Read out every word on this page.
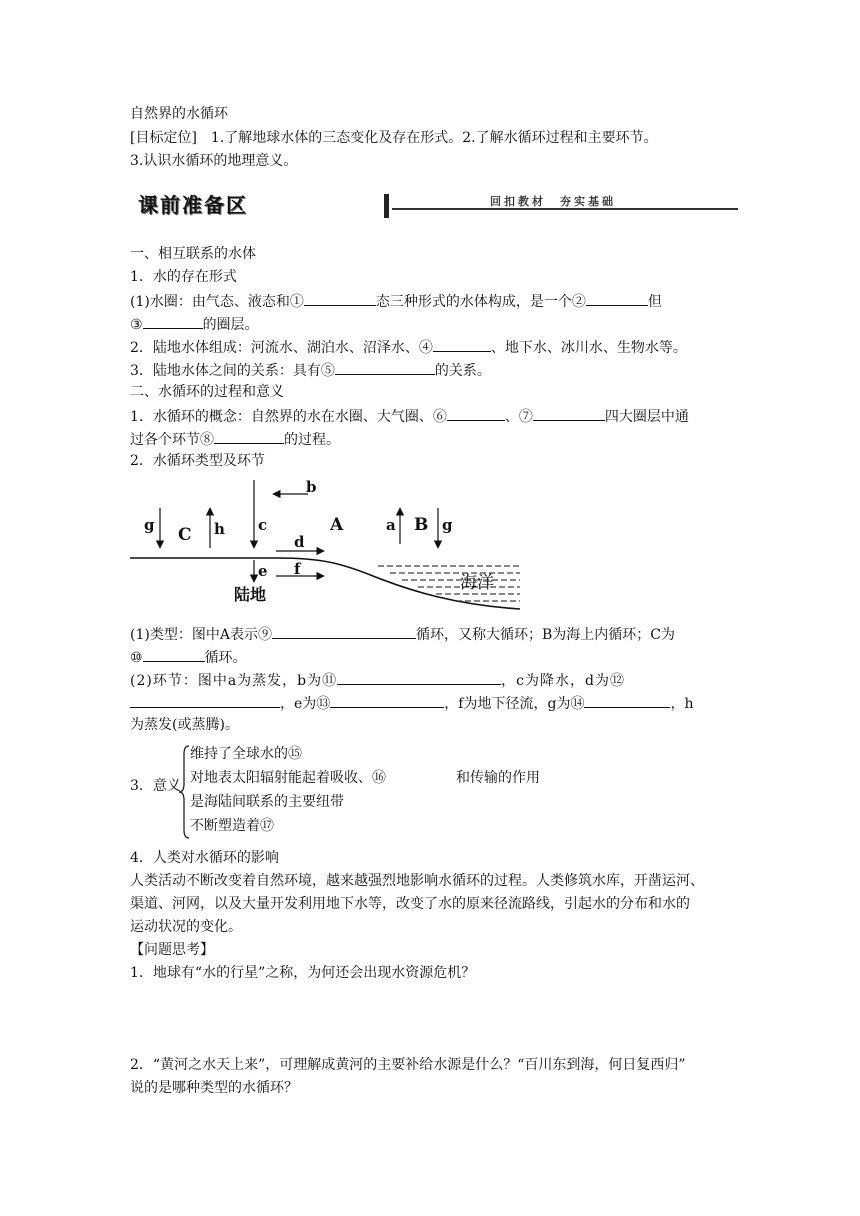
自然界的水循环
[目标定位]　1.了解地球水体的三态变化及存在形式。2.了解水循环过程和主要环节。
3.认识水循环的地理意义。
课前准备区	回扣教材　夯实基础
一、相互联系的水体
1．水的存在形式
(1)水圈：由气态、液态和①	态三种形式的水体构成，是一个②	但
③	的圈层。
2．陆地水体组成：河流水、湖泊水、沼泽水、④	、地下水、冰川水、生物水等。
3．陆地水体之间的关系：具有⑤	的关系。
二、水循环的过程和意义
1．水循环的概念：自然界的水在水圈、大气圈、⑥	、⑦	四大圈层中通
过各个环节⑧	的过程。
2．水循环类型及环节
b
g C h c
d
A	a B g
e f
陆地
海洋
(1)类型：图中A表示⑨	循环，又称大循环；B为海上内循环；C为
⑩	循环。
(2)环节：图中a为蒸发，b为⑪	，c为降水，d为⑫
，e为⑬	，f为地下径流，g为⑭	，h
为蒸发(或蒸腾)。
3．意义
维持了全球水的⑮
对地表太阳辐射能起着吸收、⑯	和传输的作用
是海陆间联系的主要纽带
不断塑造着⑰
4．人类对水循环的影响
人类活动不断改变着自然环境，越来越强烈地影响水循环的过程。人类修筑水库，开凿运河、
渠道、河网，以及大量开发利用地下水等，改变了水的原来径流路线，引起水的分布和水的
运动状况的变化。
【问题思考】
1．地球有“水的行星”之称，为何还会出现水资源危机？
2．“黄河之水天上来”，可理解成黄河的主要补给水源是什么？“百川东到海，何日复西归”
说的是哪种类型的水循环？
